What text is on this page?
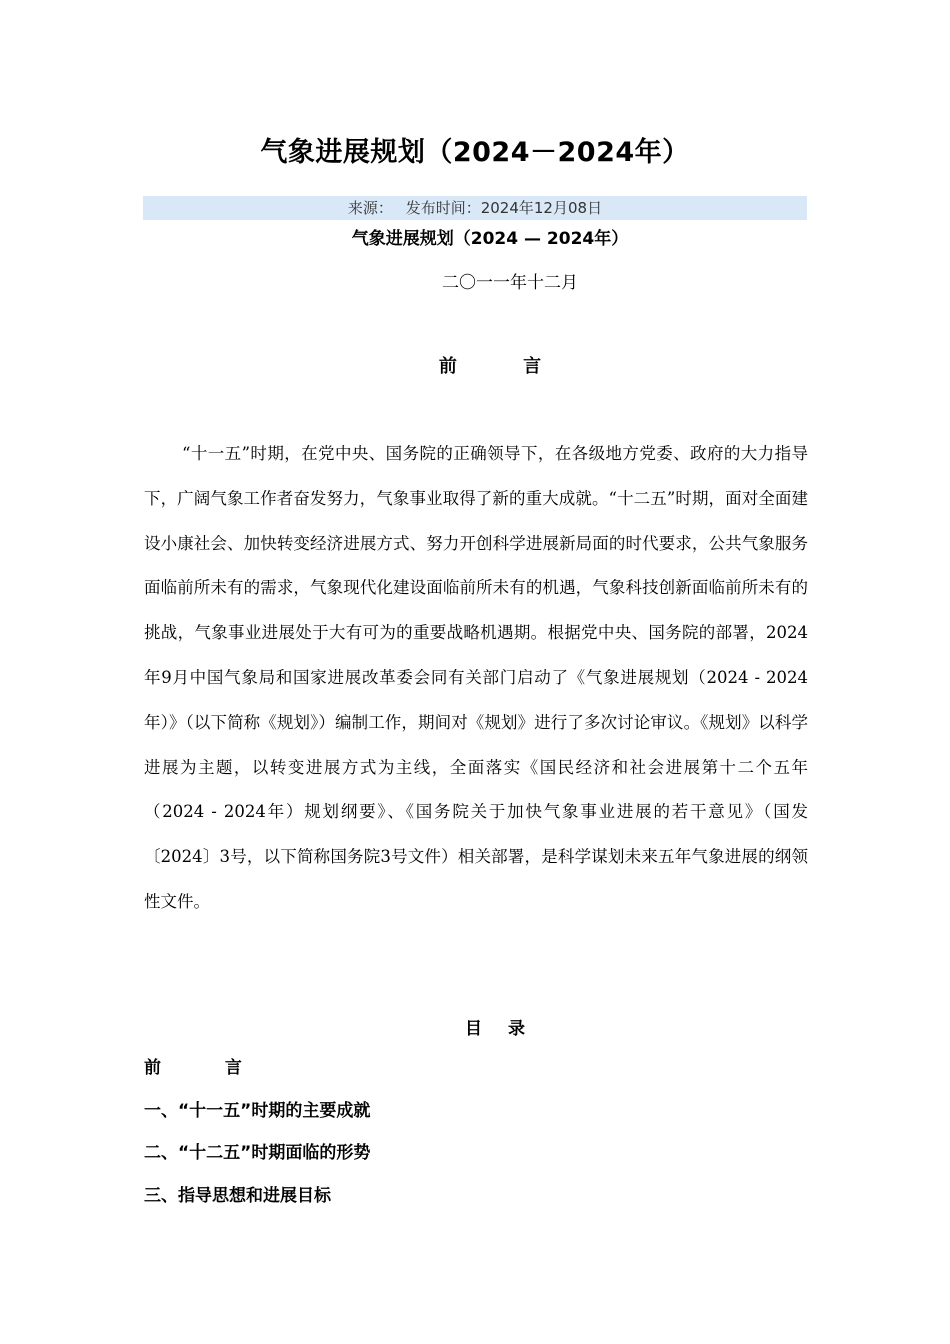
气象进展规划（2024－2024年）
来源： 发布时间：2024年12月08日
气象进展规划（2024 — 2024年）
二〇一一年十二月
前 言

“十一五”时期，在党中央、国务院的正确领导下，在各级地方党委、政府的大力指导下，广阔气象工作者奋发努力，气象事业取得了新的重大成就。“十二五”时期，面对全面建设小康社会、加快转变经济进展方式、努力开创科学进展新局面的时代要求，公共气象服务面临前所未有的需求，气象现代化建设面临前所未有的机遇，气象科技创新面临前所未有的挑战，气象事业进展处于大有可为的重要战略机遇期。根据党中央、国务院的部署，2024年9月中国气象局和国家进展改革委会同有关部门启动了《气象进展规划（2024 - 2024年）》（以下简称《规划》）编制工作，期间对《规划》进行了多次讨论审议。《规划》以科学进展为主题，以转变进展方式为主线，全面落实《国民经济和社会进展第十二个五年（2024 - 2024年）规划纲要》、《国务院关于加快气象事业进展的若干意见》（国发〔2024〕3号，以下简称国务院3号文件）相关部署，是科学谋划未来五年气象进展的纲领性文件。

目 录
前 言
一、“十一五”时期的主要成就
二、“十二五”时期面临的形势
三、指导思想和进展目标
